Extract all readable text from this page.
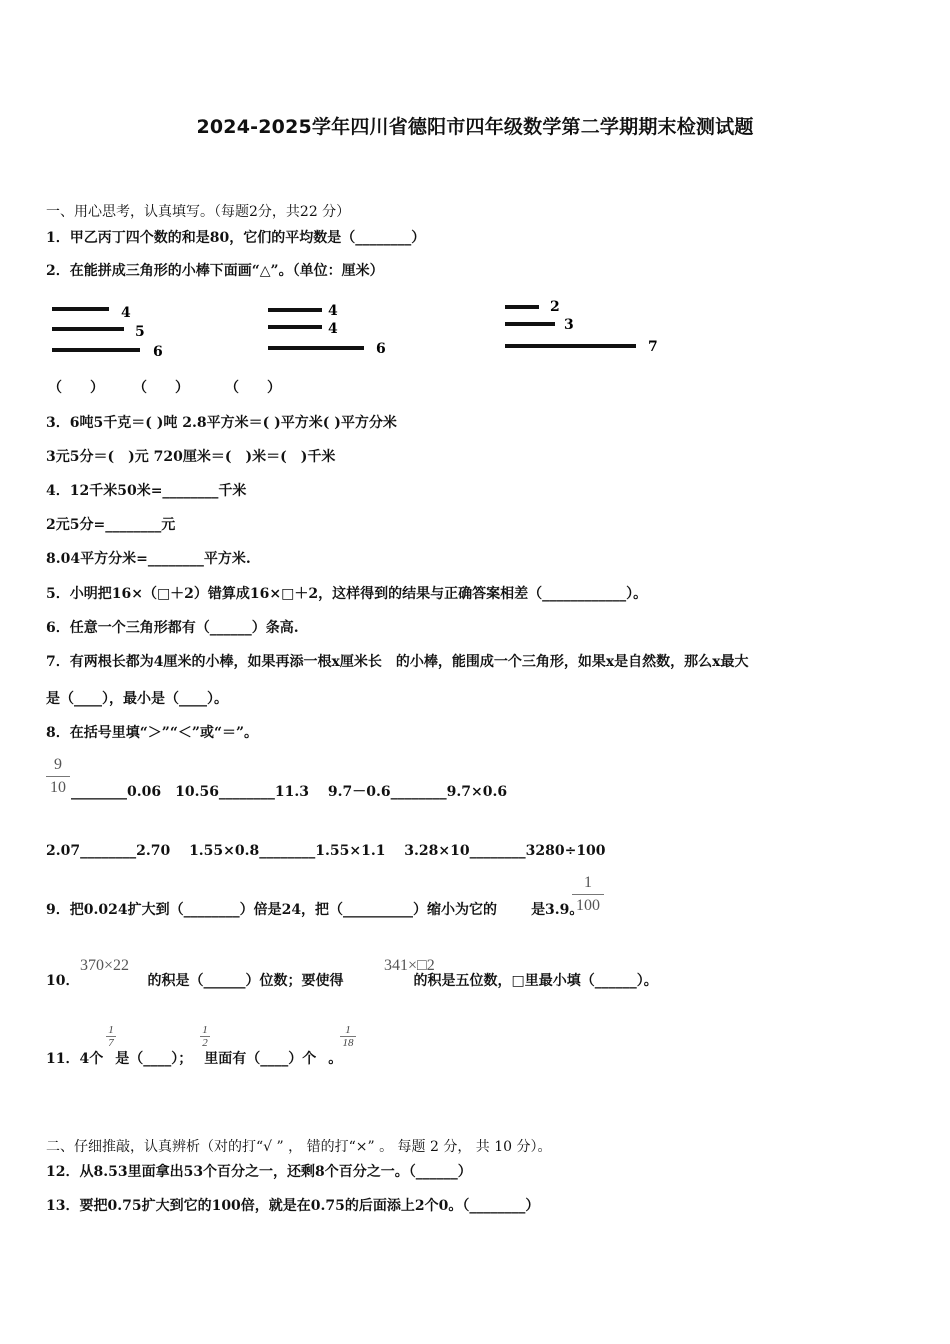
2024-2025学年四川省德阳市四年级数学第二学期期末检测试题
一、用心思考，认真填写。（每题2分，共22 分）
1．甲乙丙丁四个数的和是80，它们的平均数是（________）
2．在能拼成三角形的小棒下面画“△”。（单位：厘米）
4
5
6
4
4
6
2
3
7
（　　） （　　）	（　　）
3．6吨5千克＝( )吨 2.8平方米＝( )平方米( )平方分米
3元5分＝(　)元 720厘米＝(　)米＝(　)千米
4．12千米50米=________千米
2元5分=________元
8.04平方分米=________平方米.
5．小明把16×（□＋2）错算成16×□＋2，这样得到的结果与正确答案相差（____________）。
6．任意一个三角形都有（______）条高.
7．有两根长都为4厘米的小棒，如果再添一根x厘米长　的小棒，能围成一个三角形，如果x是自然数，那么x最大
是（____），最小是（____）。
8．在括号里填“＞”“＜”或“＝”。
9
10 ________0.06　10.56________11.3　 9.7－0.6________9.7×0.6
2.07________2.70　 1.55×0.8________1.55×1.1　 3.28×10________3280÷100
9．把0.024扩大到（________）倍是24，把（__________）缩小为它的 是3.9。
1
100
10．	的积是（______）位数；要使得	的积是五位数，□里最小填（______）。
370×22	341×□2
11．4个 是（____）； 里面有（____）个 。
1
7
1
2
1
18
二、仔细推敲，认真辨析（对的打“√ ” ， 错的打“×” 。 每题 2 分， 共 10 分）。
12．从8.53里面拿出53个百分之一，还剩8个百分之一。（______）
13．要把0.75扩大到它的100倍，就是在0.75的后面添上2个0。（________）
